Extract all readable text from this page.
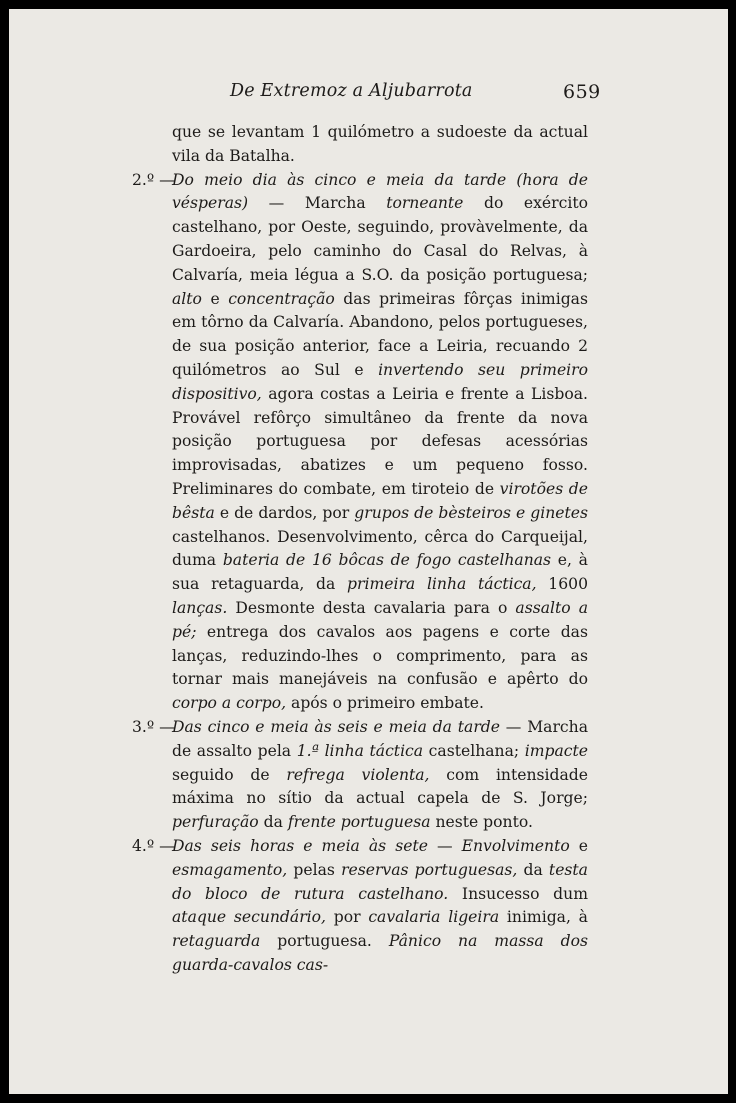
De Extremoz a Aljubarrota	659

que se levantam 1 quilómetro a sudoeste da actual vila da Batalha.

2.º —Do meio dia às cinco e meia da tarde (hora de vésperas) — Marcha torneante do exército castelhano, por Oeste, seguindo, provàvelmente, da Gardoeira, pelo caminho do Casal do Relvas, à Calvaría, meia légua a S.O. da posição portuguesa; alto e concentração das primeiras fôrças inimigas em tôrno da Calvaría. Abandono, pelos portugueses, de sua posição anterior, face a Leiria, recuando 2 quilómetros ao Sul e invertendo seu primeiro dispositivo, agora costas a Leiria e frente a Lisboa. Provável refôrço simultâneo da frente da nova posição portuguesa por defesas acessórias improvisadas, abatizes e um pequeno fosso. Preliminares do combate, em tiroteio de virotões de bêsta e de dardos, por grupos de bèsteiros e ginetes castelhanos. Desenvolvimento, cêrca do Carqueijal, duma bateria de 16 bôcas de fogo castelhanas e, à sua retaguarda, da primeira linha táctica, 1600 lanças. Desmonte desta cavalaria para o assalto a pé; entrega dos cavalos aos pagens e corte das lanças, reduzindo-lhes o comprimento, para as tornar mais manejáveis na confusão e apêrto do corpo a corpo, após o primeiro embate.

3.º —Das cinco e meia às seis e meia da tarde — Marcha de assalto pela 1.ª linha táctica castelhana; impacte seguido de refrega violenta, com intensidade máxima no sítio da actual capela de S. Jorge; perfuração da frente portuguesa neste ponto.

4.º —Das seis horas e meia às sete — Envolvimento e esmagamento, pelas reservas portuguesas, da testa do bloco de rutura castelhano. Insucesso dum ataque secundário, por cavalaria ligeira inimiga, à retaguarda portuguesa. Pânico na massa dos guarda-cavalos cas-
